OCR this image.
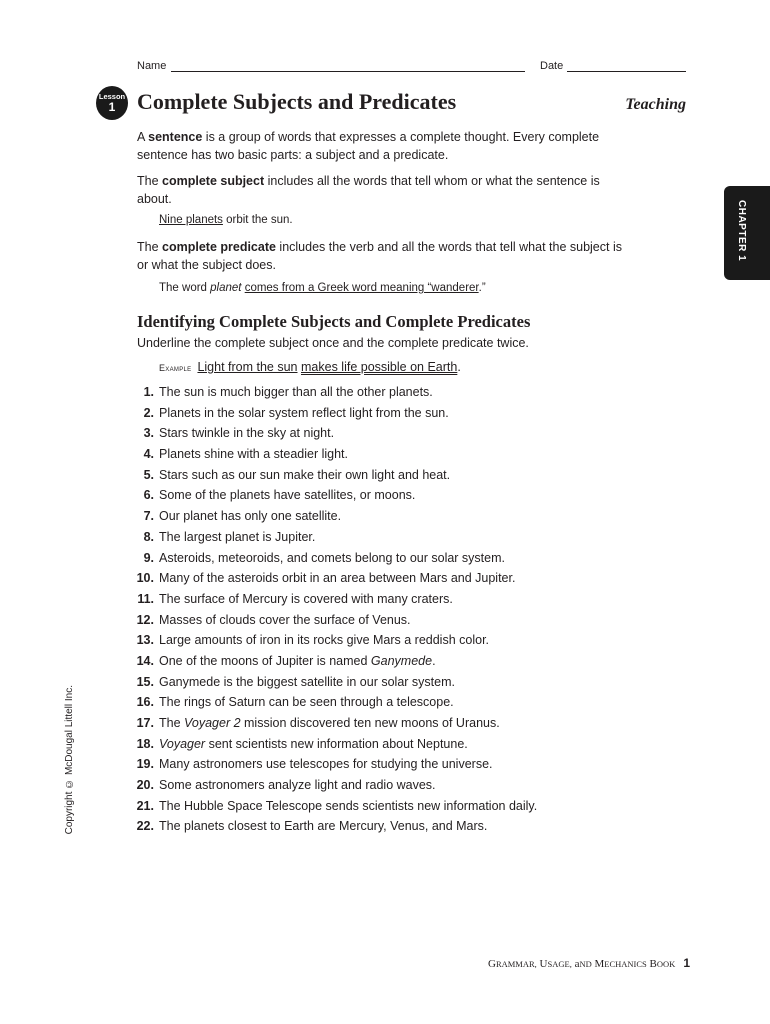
Name	Date
Lesson
1 Complete Subjects and Predicates	Teaching
A sentence is a group of words that expresses a complete thought. Every complete sentence has two basic parts: a subject and a predicate.
The complete subject includes all the words that tell whom or what the sentence is about.
Nine planets orbit the sun.
The complete predicate includes the verb and all the words that tell what the subject is or what the subject does.
The word planet comes from a Greek word meaning “wanderer.”
Identifying Complete Subjects and Complete Predicates
Underline the complete subject once and the complete predicate twice.
Example Light from the sun makes life possible on Earth.
1. The sun is much bigger than all the other planets.
2. Planets in the solar system reflect light from the sun.
3. Stars twinkle in the sky at night.
4. Planets shine with a steadier light.
5. Stars such as our sun make their own light and heat.
6. Some of the planets have satellites, or moons.
7. Our planet has only one satellite.
8. The largest planet is Jupiter.
9. Asteroids, meteoroids, and comets belong to our solar system.
10. Many of the asteroids orbit in an area between Mars and Jupiter.
11. The surface of Mercury is covered with many craters.
12. Masses of clouds cover the surface of Venus.
13. Large amounts of iron in its rocks give Mars a reddish color.
14. One of the moons of Jupiter is named Ganymede.
15. Ganymede is the biggest satellite in our solar system.
16. The rings of Saturn can be seen through a telescope.
17. The Voyager 2 mission discovered ten new moons of Uranus.
18. Voyager sent scientists new information about Neptune.
19. Many astronomers use telescopes for studying the universe.
20. Some astronomers analyze light and radio waves.
21. The Hubble Space Telescope sends scientists new information daily.
22. The planets closest to Earth are Mercury, Venus, and Mars.
CHAPTER 1
Copyright © McDougal Littell Inc.
GRAMMAR, USAGE, aND MECHANICS BOOK 1
